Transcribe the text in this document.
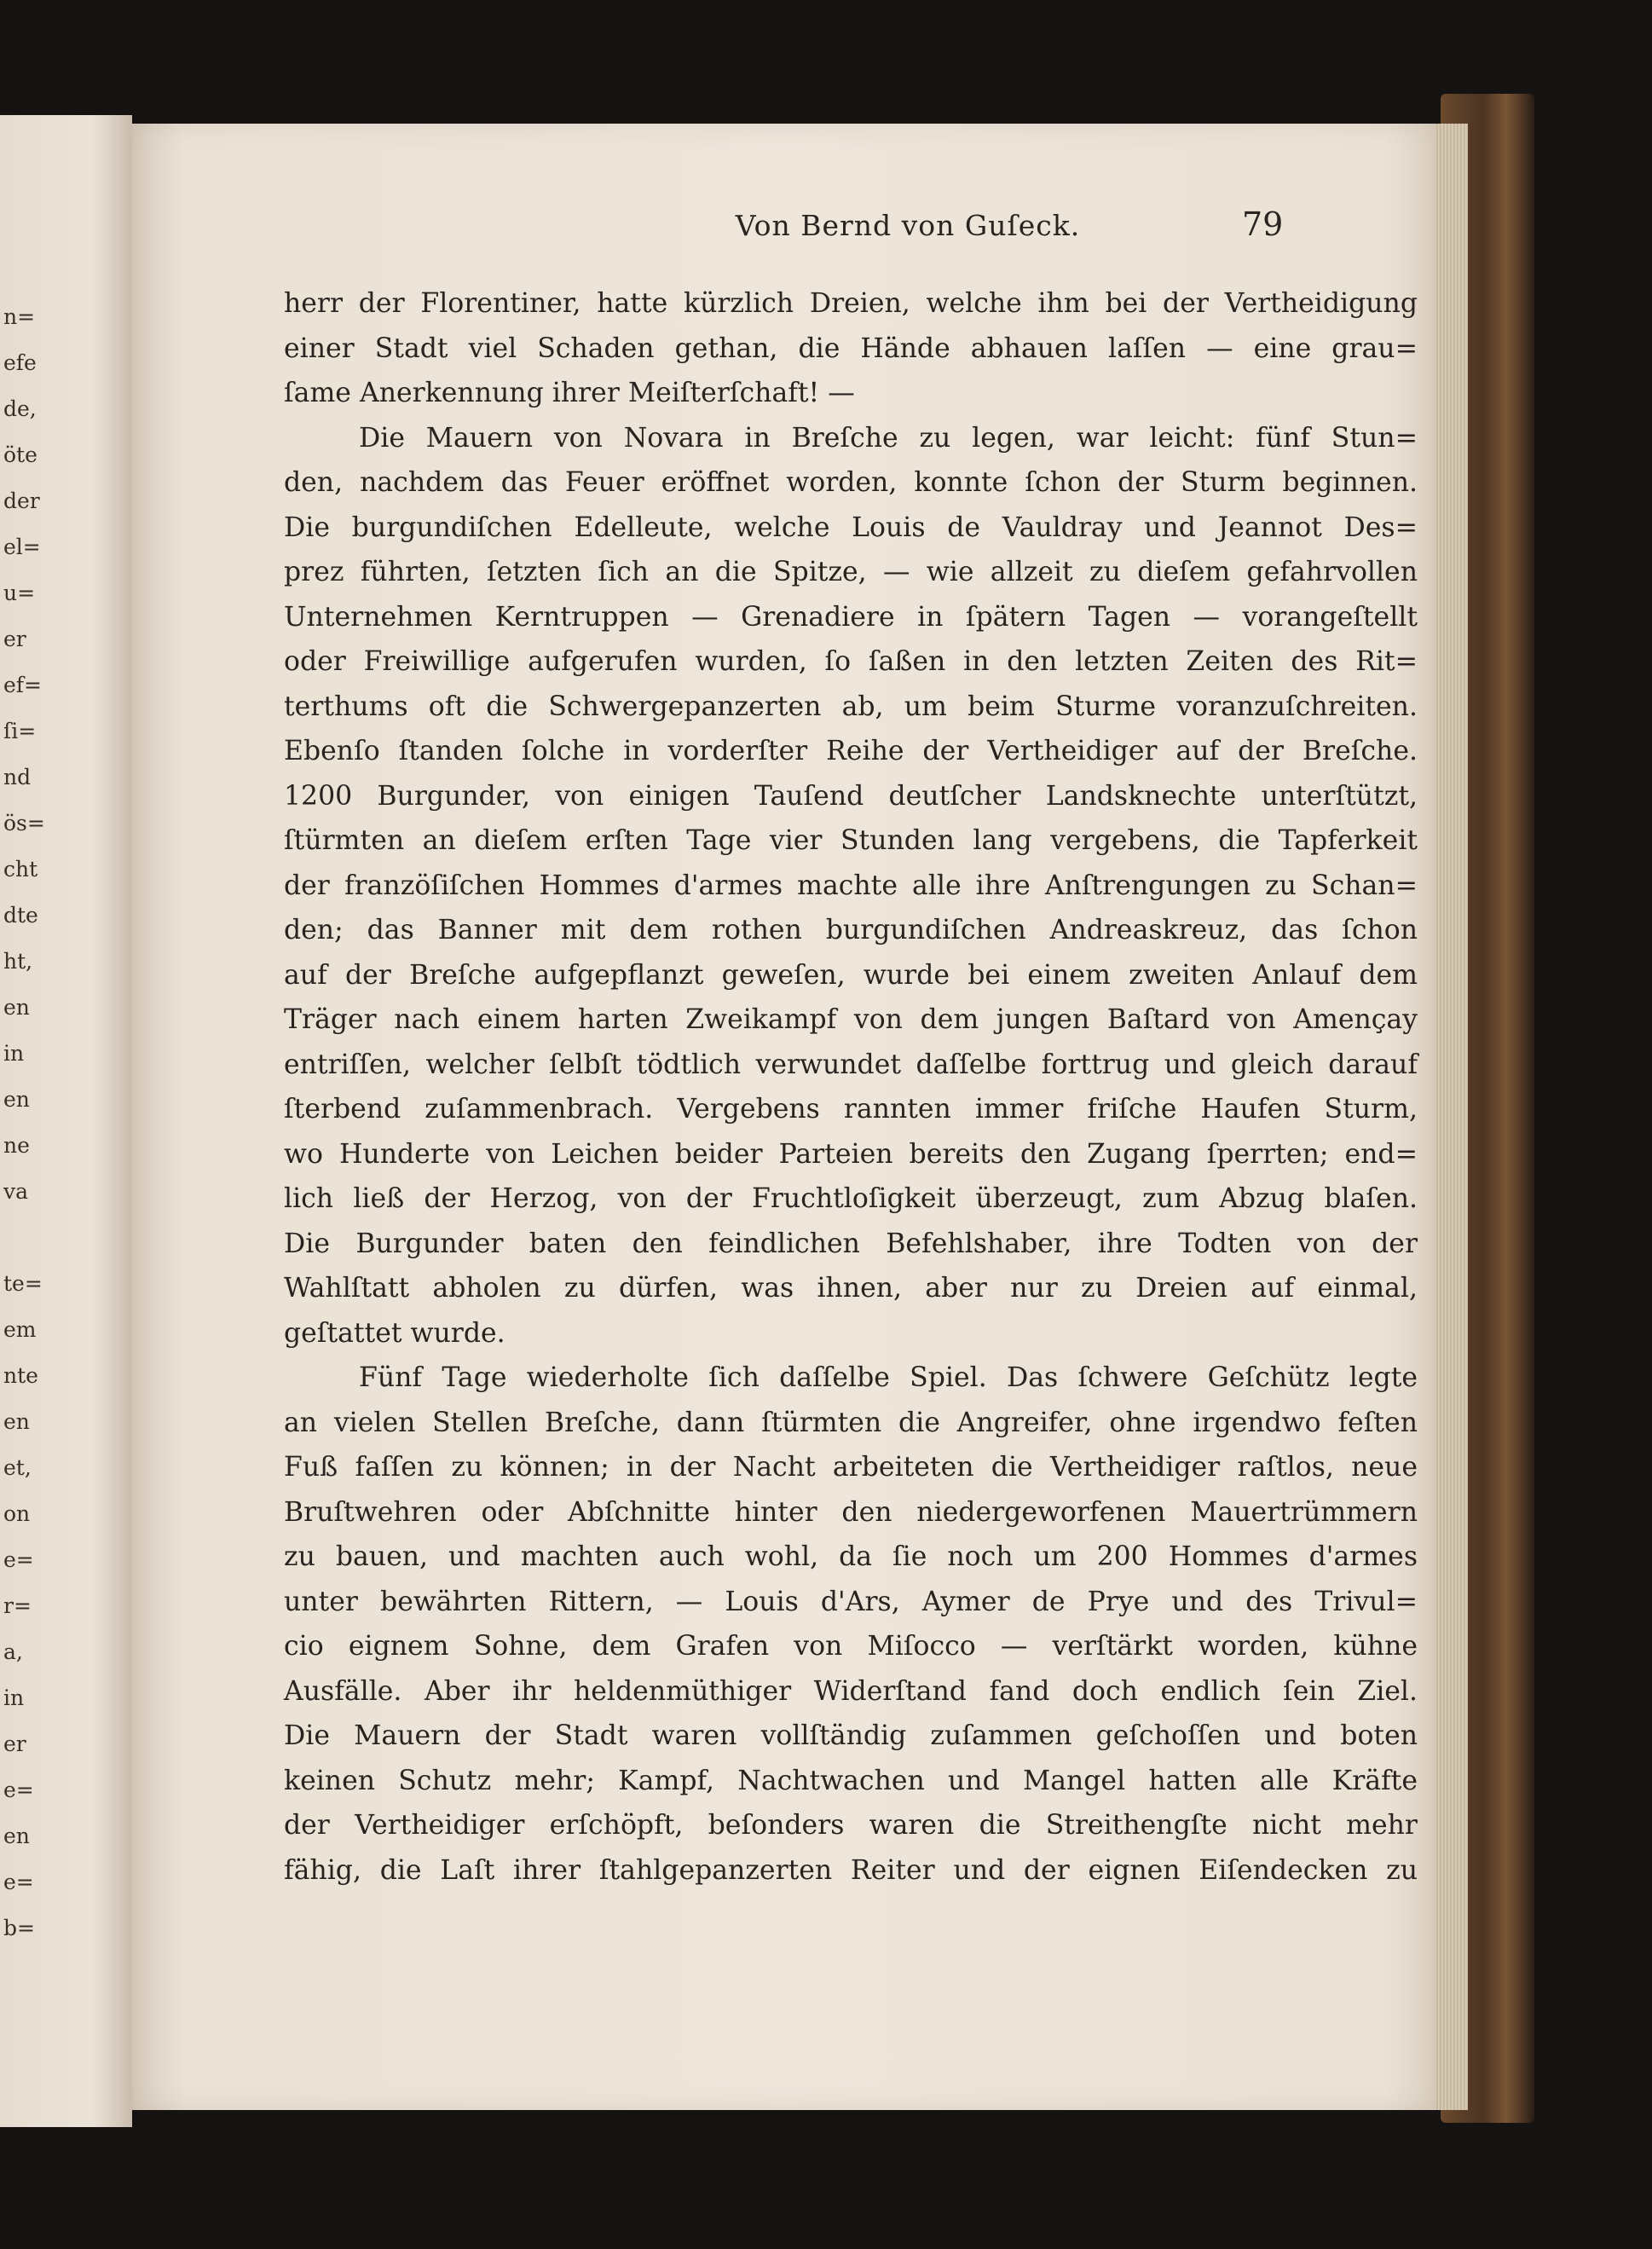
n=
efe
de,
öte
der
el=
u=
er
ef=
ſi=
nd
ös=
cht
dte
ht,
en
in
en
ne
va
te=
em
nte
en
et,
on
e=
r=
a,
in
er
e=
en
e=
b=
Von Bernd von Guſeck.	79
herr der Florentiner, hatte kürzlich Dreien, welche ihm bei der Vertheidigung
einer Stadt viel Schaden gethan, die Hände abhauen laſſen — eine grau=
ſame Anerkennung ihrer Meiſterſchaft! —
Die Mauern von Novara in Breſche zu legen, war leicht: fünf Stun=
den, nachdem das Feuer eröffnet worden, konnte ſchon der Sturm beginnen.
Die burgundiſchen Edelleute, welche Louis de Vauldray und Jeannot Des=
prez führten, ſetzten ſich an die Spitze, — wie allzeit zu dieſem gefahrvollen
Unternehmen Kerntruppen — Grenadiere in ſpätern Tagen — vorangeſtellt
oder Freiwillige aufgerufen wurden, ſo ſaßen in den letzten Zeiten des Rit=
terthums oft die Schwergepanzerten ab, um beim Sturme voranzuſchreiten.
Ebenſo ſtanden ſolche in vorderſter Reihe der Vertheidiger auf der Breſche.
1200 Burgunder, von einigen Tauſend deutſcher Landsknechte unterſtützt,
ſtürmten an dieſem erſten Tage vier Stunden lang vergebens, die Tapferkeit
der franzöſiſchen Hommes d'armes machte alle ihre Anſtrengungen zu Schan=
den; das Banner mit dem rothen burgundiſchen Andreaskreuz, das ſchon
auf der Breſche aufgepflanzt geweſen, wurde bei einem zweiten Anlauf dem
Träger nach einem harten Zweikampf von dem jungen Baſtard von Amençay
entriſſen, welcher ſelbſt tödtlich verwundet daſſelbe forttrug und gleich darauf
ſterbend zuſammenbrach. Vergebens rannten immer friſche Haufen Sturm,
wo Hunderte von Leichen beider Parteien bereits den Zugang ſperrten; end=
lich ließ der Herzog, von der Fruchtloſigkeit überzeugt, zum Abzug blaſen.
Die Burgunder baten den feindlichen Befehlshaber, ihre Todten von der
Wahlſtatt abholen zu dürfen, was ihnen, aber nur zu Dreien auf einmal,
geſtattet wurde.
Fünf Tage wiederholte ſich daſſelbe Spiel. Das ſchwere Geſchütz legte
an vielen Stellen Breſche, dann ſtürmten die Angreifer, ohne irgendwo feſten
Fuß faſſen zu können; in der Nacht arbeiteten die Vertheidiger raſtlos, neue
Bruſtwehren oder Abſchnitte hinter den niedergeworfenen Mauertrümmern
zu bauen, und machten auch wohl, da ſie noch um 200 Hommes d'armes
unter bewährten Rittern, — Louis d'Ars, Aymer de Prye und des Trivul=
cio eignem Sohne, dem Grafen von Miſocco — verſtärkt worden, kühne
Ausfälle. Aber ihr heldenmüthiger Widerſtand fand doch endlich ſein Ziel.
Die Mauern der Stadt waren vollſtändig zuſammen geſchoſſen und boten
keinen Schutz mehr; Kampf, Nachtwachen und Mangel hatten alle Kräfte
der Vertheidiger erſchöpft, beſonders waren die Streithengſte nicht mehr
fähig, die Laſt ihrer ſtahlgepanzerten Reiter und der eignen Eiſendecken zu
